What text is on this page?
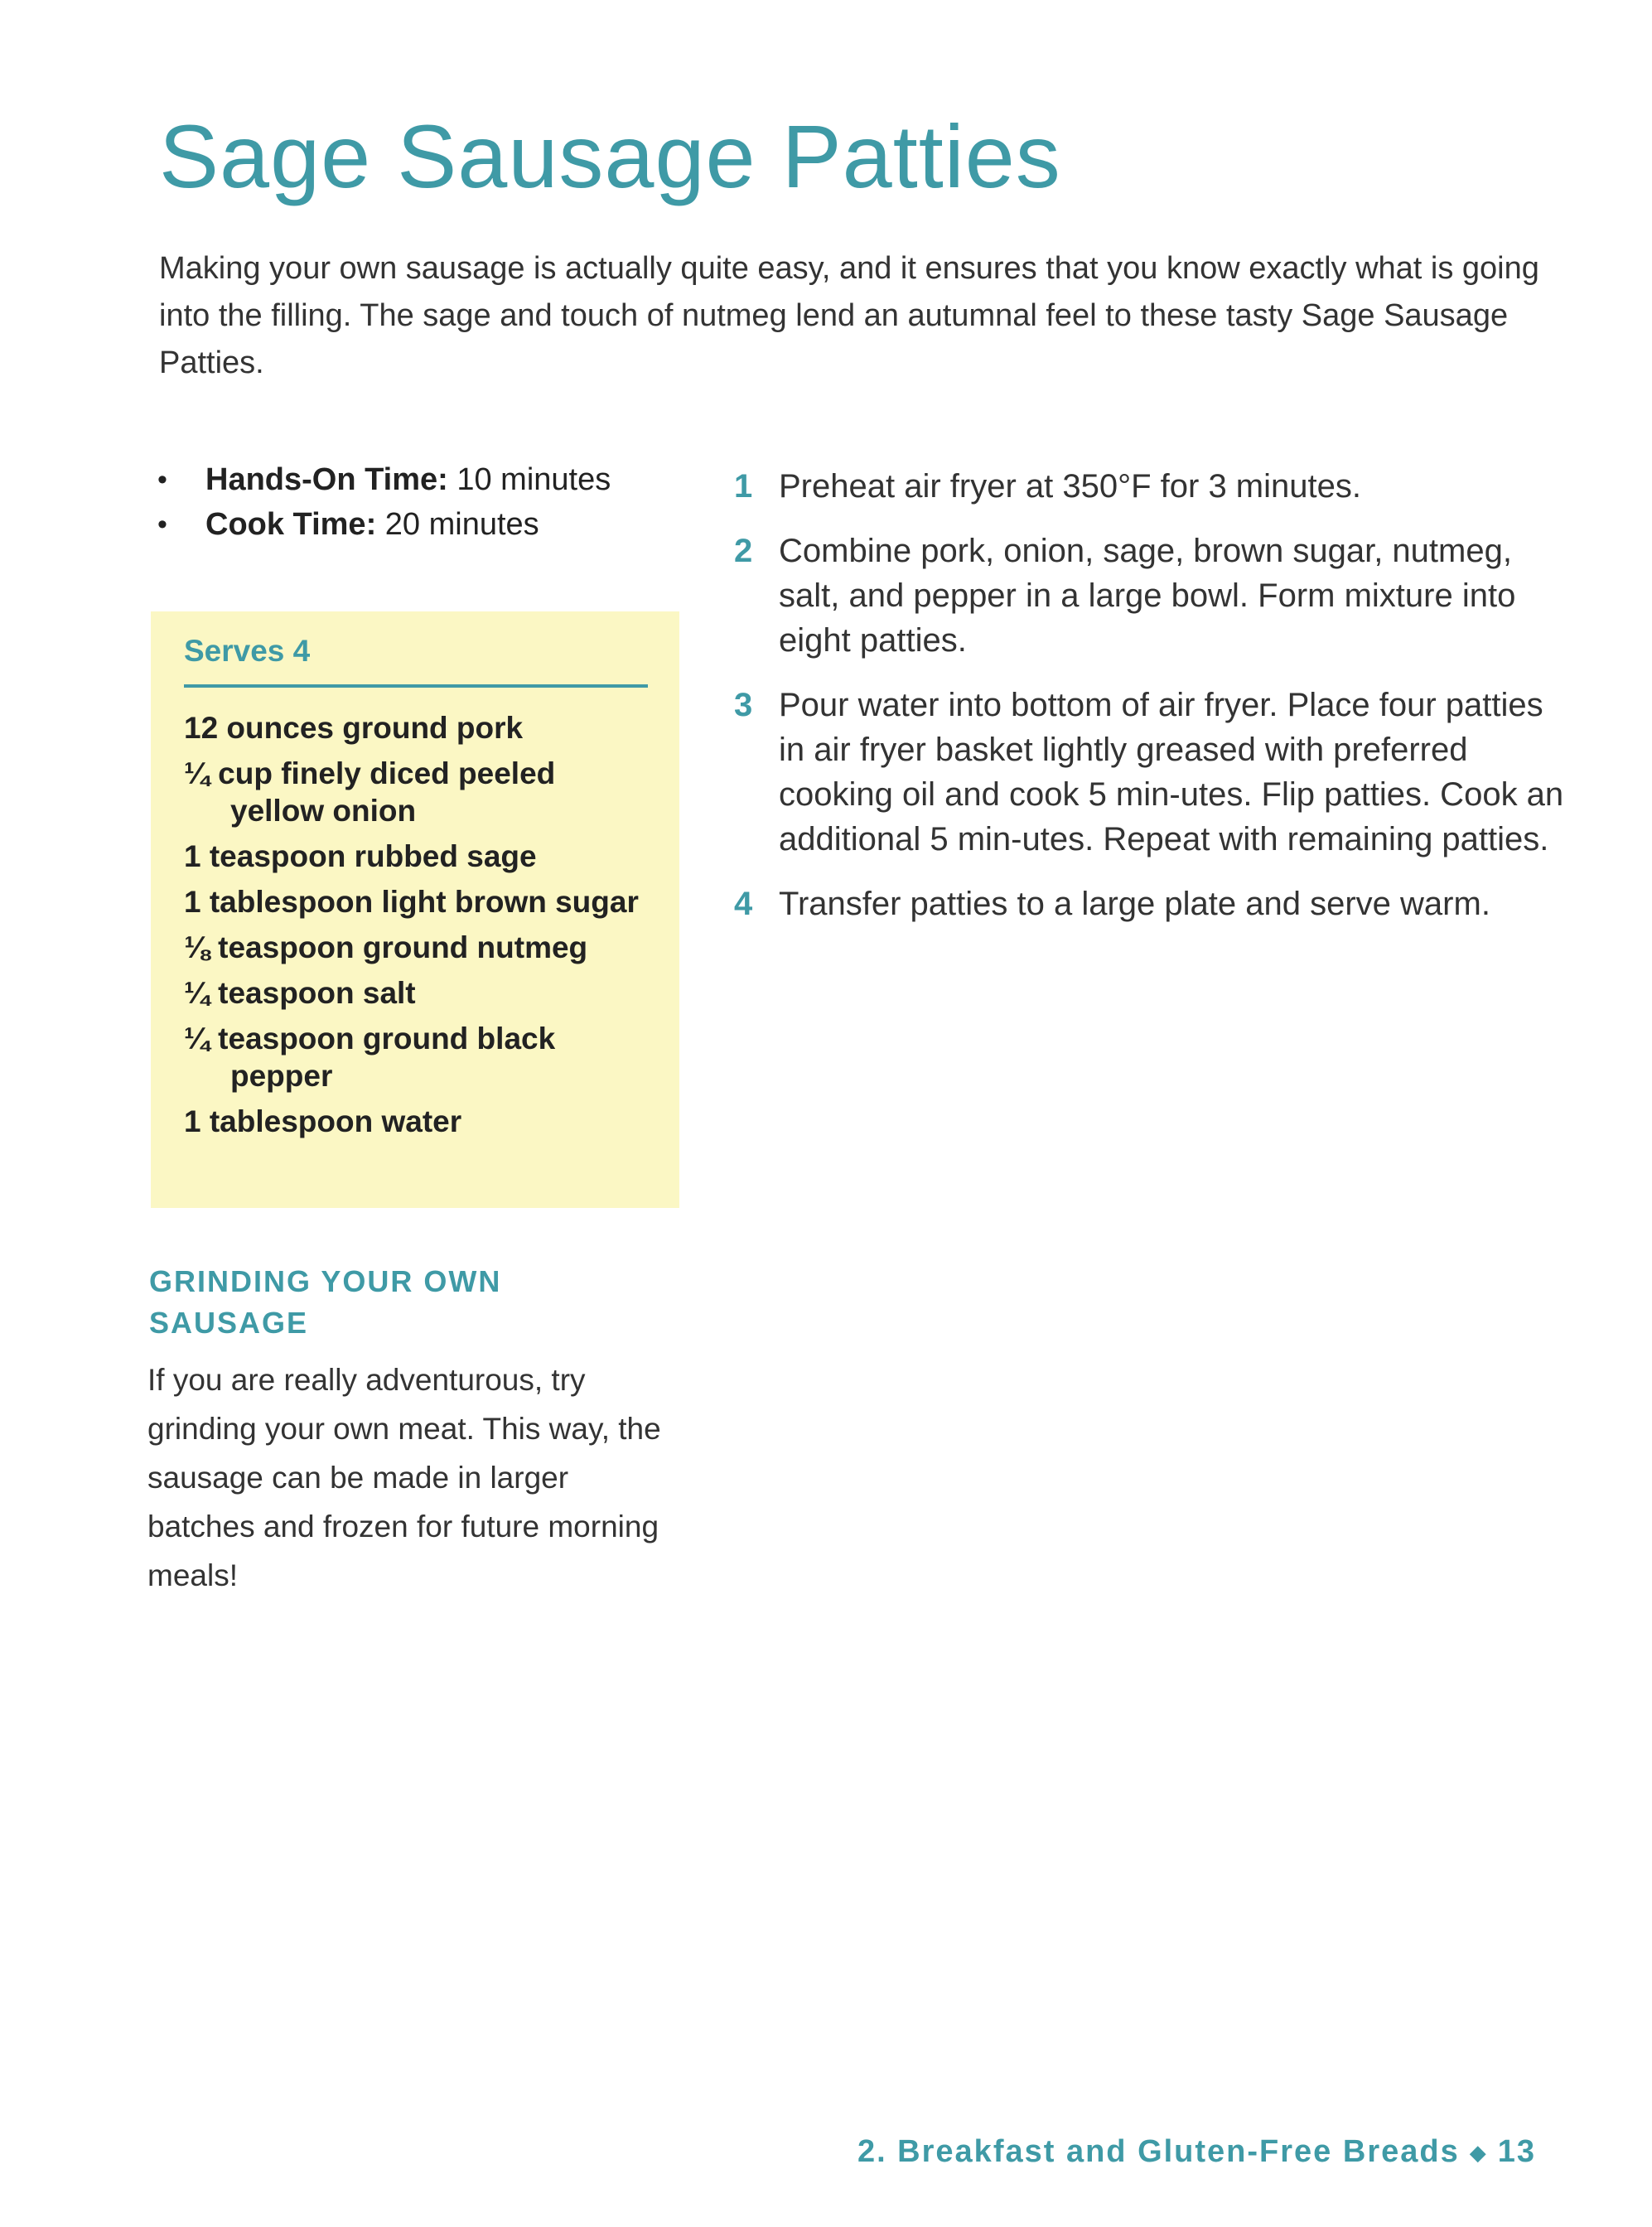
Sage Sausage Patties

Making your own sausage is actually quite easy, and it ensures that you know exactly what is going into the filling. The sage and touch of nutmeg lend an autumnal feel to these tasty Sage Sausage Patties.

• Hands-On Time: 10 minutes
• Cook Time: 20 minutes
Serves 4
12 ounces ground pork
¼ cup finely diced peeled yellow onion
1 teaspoon rubbed sage
1 tablespoon light brown sugar
⅛ teaspoon ground nutmeg
¼ teaspoon salt
¼ teaspoon ground black pepper
1 tablespoon water
GRINDING YOUR OWN SAUSAGE

If you are really adventurous, try grinding your own meat. This way, the sausage can be made in larger batches and frozen for future morning meals!

1 Preheat air fryer at 350°F for 3 minutes.
2 Combine pork, onion, sage, brown sugar, nutmeg, salt, and pepper in a large bowl. Form mixture into eight patties.
3 Pour water into bottom of air fryer. Place four patties in air fryer basket lightly greased with preferred cooking oil and cook 5 min-utes. Flip patties. Cook an additional 5 min-utes. Repeat with remaining patties.
4 Transfer patties to a large plate and serve warm.
2. Breakfast and Gluten-Free Breads ◆ 13
